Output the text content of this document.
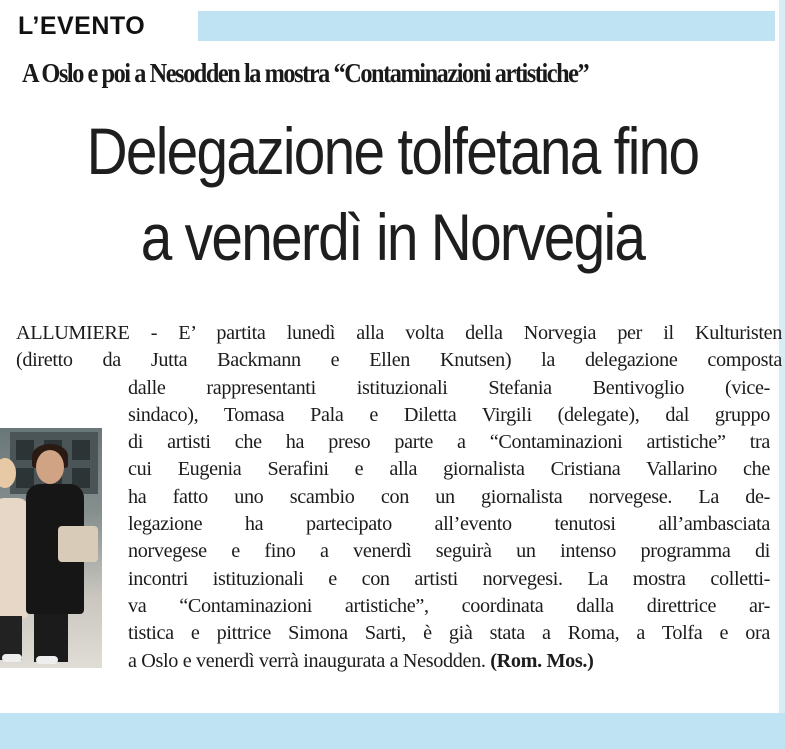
L’EVENTO
A Oslo e poi a Nesodden la mostra “Contaminazioni artistiche”
Delegazione tolfetana fino
a venerdì in Norvegia
ALLUMIERE - E’ partita lunedì alla volta della Norvegia per il Kulturisten
(diretto da Jutta Backmann e Ellen Knutsen) la delegazione composta
dalle rappresentanti istituzionali Stefania Bentivoglio (vice-
sindaco), Tomasa Pala e Diletta Virgili (delegate), dal gruppo
di artisti che ha preso parte a “Contaminazioni artistiche” tra
cui Eugenia Serafini e alla giornalista Cristiana Vallarino che
ha fatto uno scambio con un giornalista norvegese. La de-
legazione ha partecipato all’evento tenutosi all’ambasciata
norvegese e fino a venerdì seguirà un intenso programma di
incontri istituzionali e con artisti norvegesi. La mostra colletti-
va “Contaminazioni artistiche”, coordinata dalla direttrice ar-
tistica e pittrice Simona Sarti, è già stata a Roma, a Tolfa e ora
a Oslo e venerdì verrà inaugurata a Nesodden. (Rom. Mos.)
